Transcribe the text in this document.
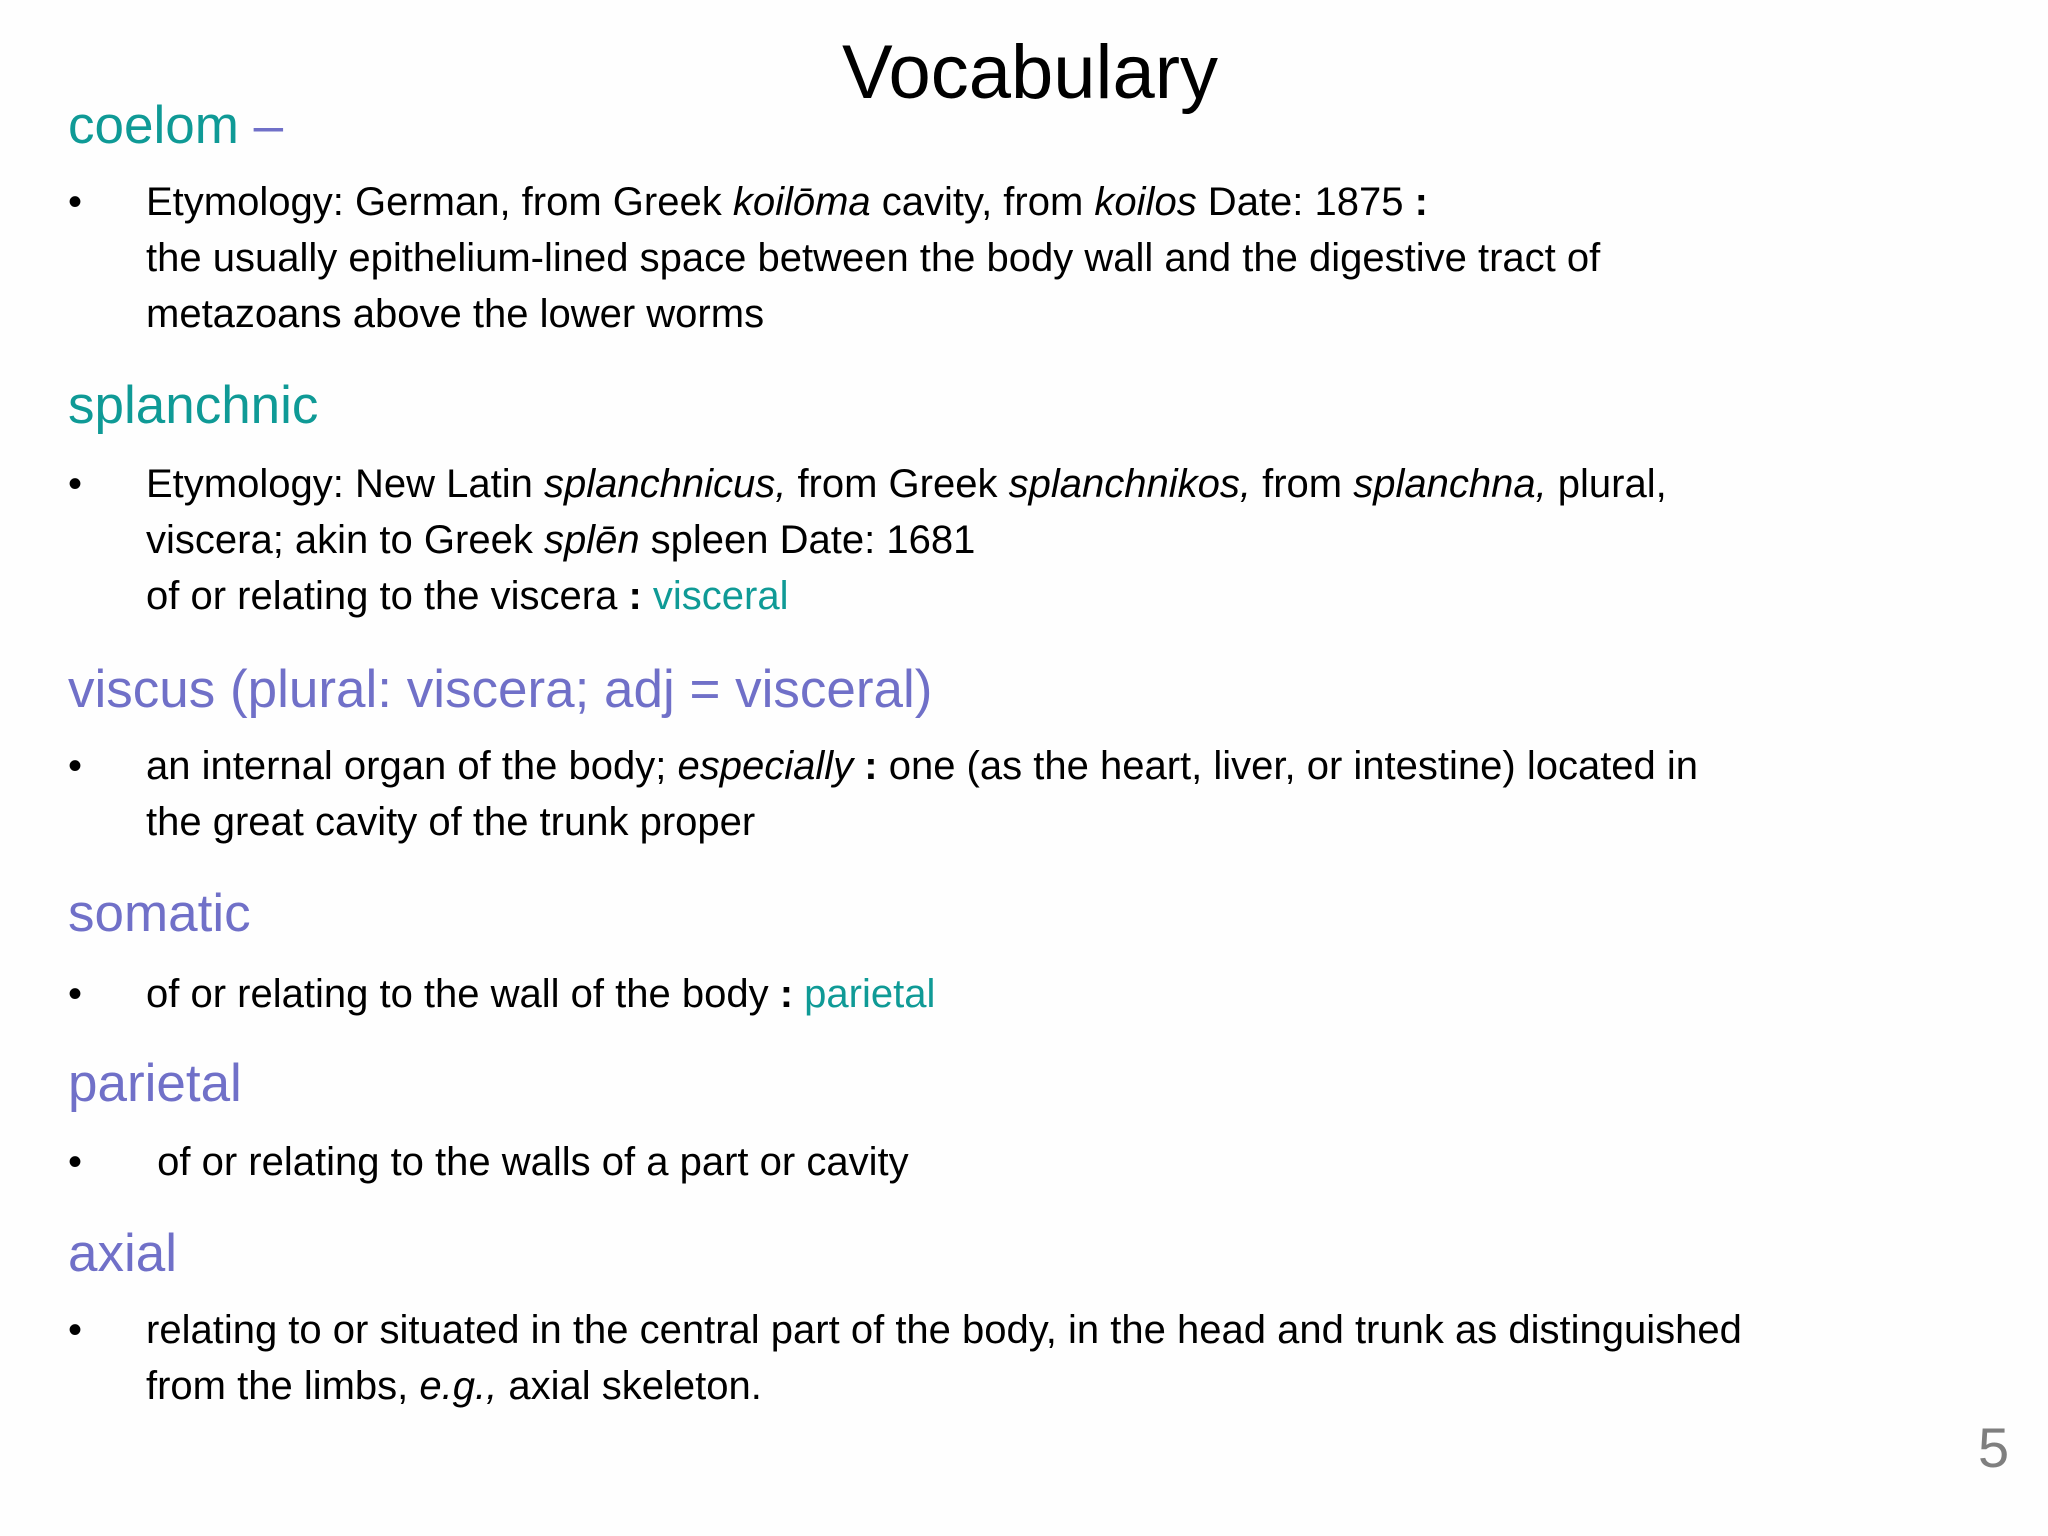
Vocabulary
coelom –
• Etymology: German, from Greek koilōma cavity, from koilos Date: 1875 :
the usually epithelium-lined space between the body wall and the digestive tract of
metazoans above the lower worms
splanchnic
• Etymology: New Latin splanchnicus, from Greek splanchnikos, from splanchna, plural,
viscera; akin to Greek splēn spleen Date: 1681
of or relating to the viscera : visceral
viscus (plural: viscera; adj = visceral)
• an internal organ of the body; especially : one (as the heart, liver, or intestine) located in
the great cavity of the trunk proper
somatic
• of or relating to the wall of the body : parietal
parietal
• of or relating to the walls of a part or cavity
axial
• relating to or situated in the central part of the body, in the head and trunk as distinguished
from the limbs, e.g., axial skeleton.
5
